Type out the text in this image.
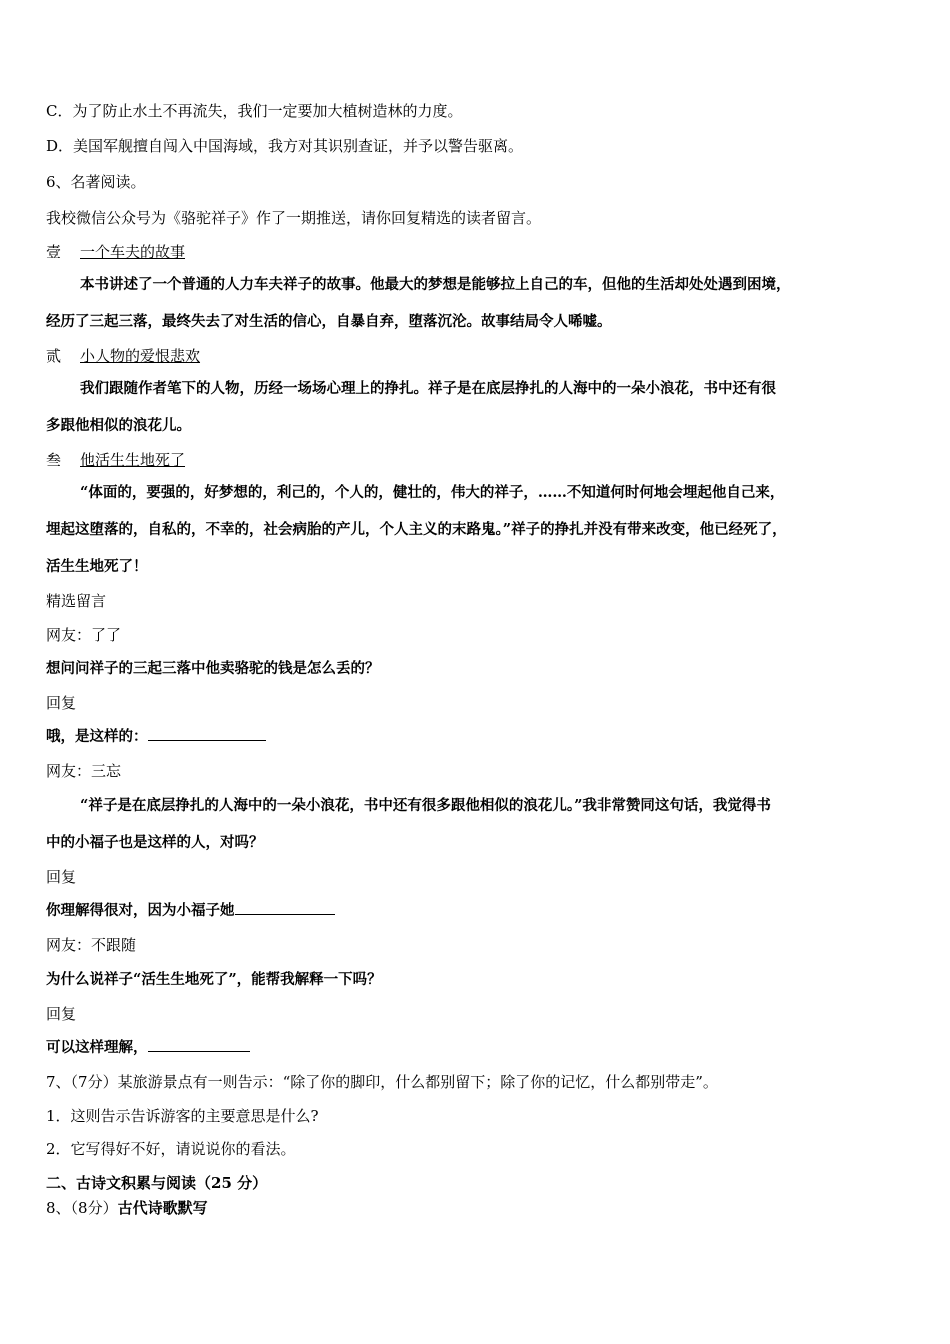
C．为了防止水土不再流失，我们一定要加大植树造林的力度。
D．美国军舰擅自闯入中国海域，我方对其识别查证，并予以警告驱离。
6、名著阅读。
我校微信公众号为《骆驼祥子》作了一期推送，请你回复精选的读者留言。
壹 一个车夫的故事
本书讲述了一个普通的人力车夫祥子的故事。他最大的梦想是能够拉上自己的车，但他的生活却处处遇到困境，
经历了三起三落，最终失去了对生活的信心，自暴自弃，堕落沉沦。故事结局令人唏嘘。
贰 小人物的爱恨悲欢
我们跟随作者笔下的人物，历经一场场心理上的挣扎。祥子是在底层挣扎的人海中的一朵小浪花，书中还有很
多跟他相似的浪花儿。
叁 他活生生地死了
“体面的，要强的，好梦想的，利己的，个人的，健壮的，伟大的祥子，……不知道何时何地会埋起他自己来，
埋起这堕落的，自私的，不幸的，社会病胎的产儿，个人主义的末路鬼。”祥子的挣扎并没有带来改变，他已经死了，
活生生地死了！
精选留言
网友：了了
想问问祥子的三起三落中他卖骆驼的钱是怎么丢的？
回复
哦，是这样的：
网友：三忘
“祥子是在底层挣扎的人海中的一朵小浪花，书中还有很多跟他相似的浪花儿。”我非常赞同这句话，我觉得书
中的小福子也是这样的人，对吗？
回复
你理解得很对，因为小福子她
网友：不跟随
为什么说祥子“活生生地死了”，能帮我解释一下吗？
回复
可以这样理解，
7、（7分）某旅游景点有一则告示：“除了你的脚印，什么都别留下；除了你的记忆，什么都别带走”。
1．这则告示告诉游客的主要意思是什么?
2．它写得好不好，请说说你的看法。
二、古诗文积累与阅读（25 分）
8、（8分）古代诗歌默写
